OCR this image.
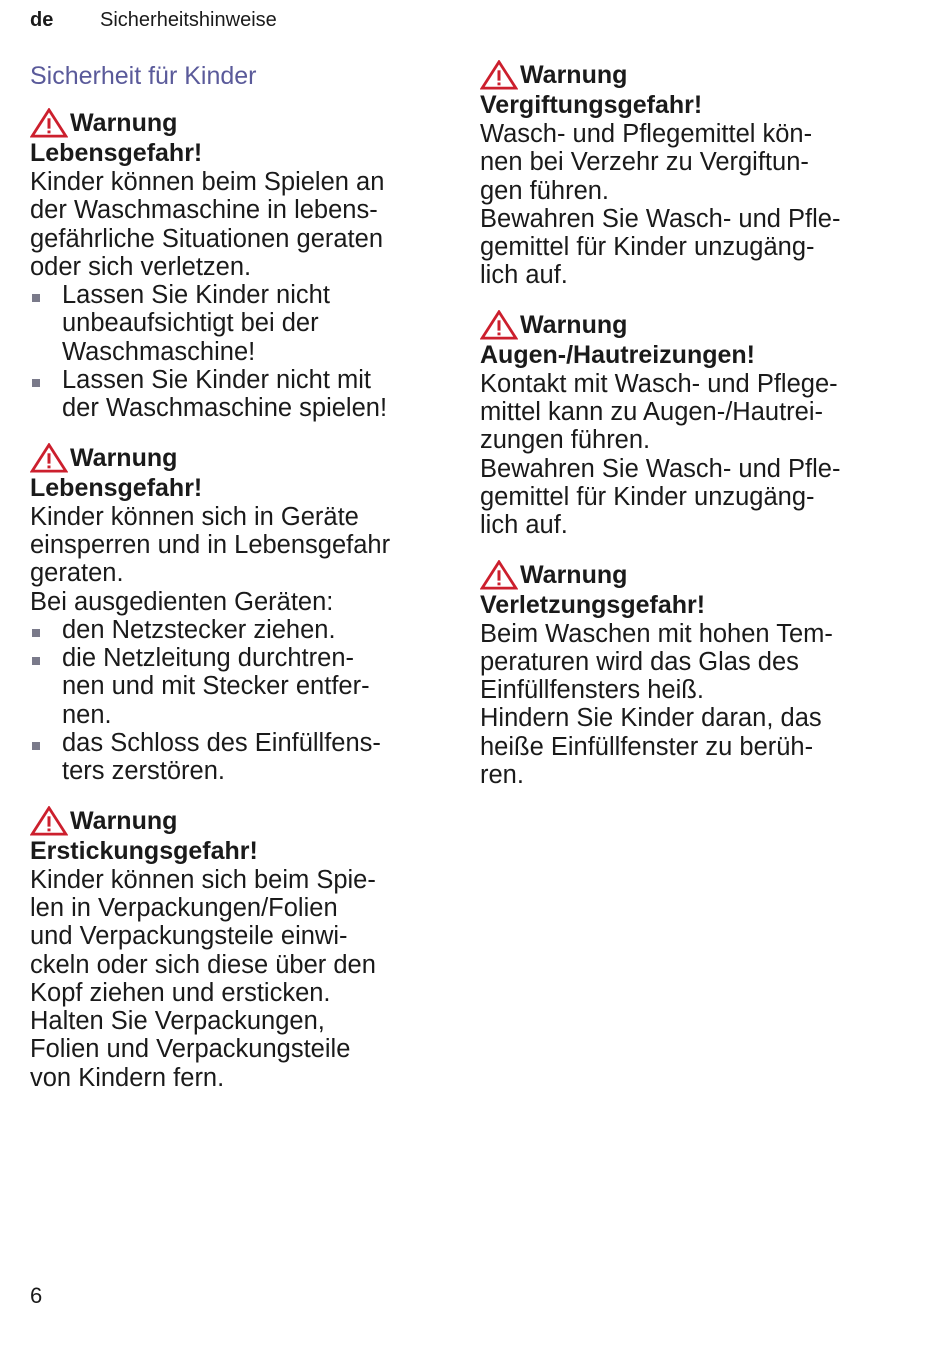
de Sicherheitshinweise
Sicherheit für Kinder
Warnung
Lebensgefahr!
Kinder können beim Spielen an
der Waschmaschine in lebens-
gefährliche Situationen geraten
oder sich verletzen.
Lassen Sie Kinder nicht
unbeaufsichtigt bei der
Waschmaschine!
Lassen Sie Kinder nicht mit
der Waschmaschine spielen!
Warnung
Lebensgefahr!
Kinder können sich in Geräte
einsperren und in Lebensgefahr
geraten.
Bei ausgedienten Geräten:
den Netzstecker ziehen.
die Netzleitung durchtren-
nen und mit Stecker entfer-
nen.
das Schloss des Einfüllfens-
ters zerstören.
Warnung
Erstickungsgefahr!
Kinder können sich beim Spie-
len in Verpackungen/Folien
und Verpackungsteile einwi-
ckeln oder sich diese über den
Kopf ziehen und ersticken.
Halten Sie Verpackungen,
Folien und Verpackungsteile
von Kindern fern.
Warnung
Vergiftungsgefahr!
Wasch- und Pflegemittel kön-
nen bei Verzehr zu Vergiftun-
gen führen.
Bewahren Sie Wasch- und Pfle-
gemittel für Kinder unzugäng-
lich auf.
Warnung
Augen-/Hautreizungen!
Kontakt mit Wasch- und Pflege-
mittel kann zu Augen-/Hautrei-
zungen führen.
Bewahren Sie Wasch- und Pfle-
gemittel für Kinder unzugäng-
lich auf.
Warnung
Verletzungsgefahr!
Beim Waschen mit hohen Tem-
peraturen wird das Glas des
Einfüllfensters heiß.
Hindern Sie Kinder daran, das
heiße Einfüllfenster zu berüh-
ren.
6
